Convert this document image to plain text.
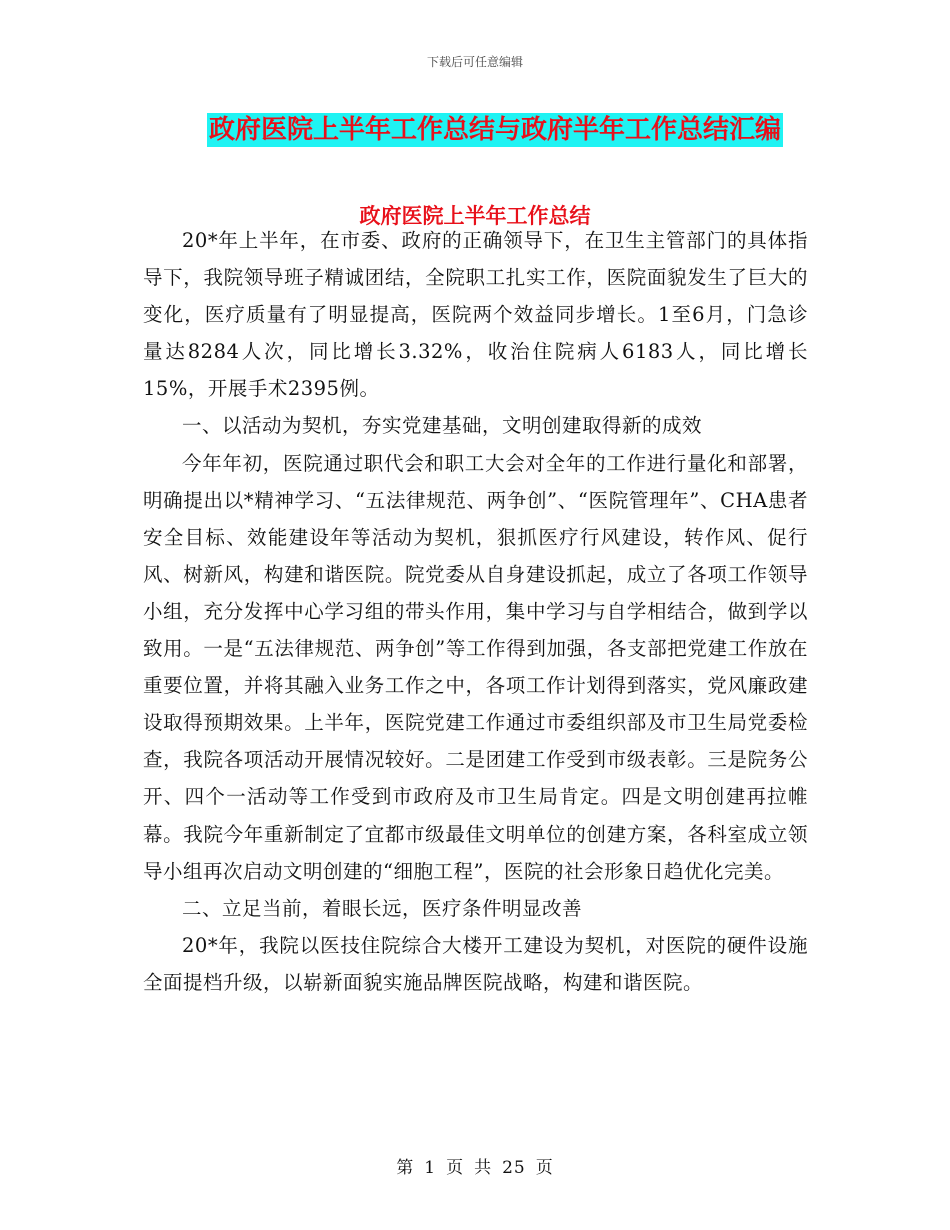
下载后可任意编辑
政府医院上半年工作总结与政府半年工作总结汇编
政府医院上半年工作总结

20*年上半年，在市委、政府的正确领导下，在卫生主管部门的具体指导下，我院领导班子精诚团结，全院职工扎实工作，医院面貌发生了巨大的变化，医疗质量有了明显提高，医院两个效益同步增长。1至6月，门急诊量达8284人次，同比增长3.32%，收治住院病人6183人，同比增长15%，开展手术2395例。

一、以活动为契机，夯实党建基础，文明创建取得新的成效

今年年初，医院通过职代会和职工大会对全年的工作进行量化和部署，明确提出以*精神学习、“五法律规范、两争创”、“医院管理年”、CHA患者安全目标、效能建设年等活动为契机，狠抓医疗行风建设，转作风、促行风、树新风，构建和谐医院。院党委从自身建设抓起，成立了各项工作领导小组，充分发挥中心学习组的带头作用，集中学习与自学相结合，做到学以致用。一是“五法律规范、两争创”等工作得到加强，各支部把党建工作放在重要位置，并将其融入业务工作之中，各项工作计划得到落实，党风廉政建设取得预期效果。上半年，医院党建工作通过市委组织部及市卫生局党委检查，我院各项活动开展情况较好。二是团建工作受到市级表彰。三是院务公开、四个一活动等工作受到市政府及市卫生局肯定。四是文明创建再拉帷幕。我院今年重新制定了宜都市级最佳文明单位的创建方案，各科室成立领导小组再次启动文明创建的“细胞工程”，医院的社会形象日趋优化完美。

二、立足当前，着眼长远，医疗条件明显改善

20*年，我院以医技住院综合大楼开工建设为契机，对医院的硬件设施全面提档升级，以崭新面貌实施品牌医院战略，构建和谐医院。

第 1 页 共 25 页
